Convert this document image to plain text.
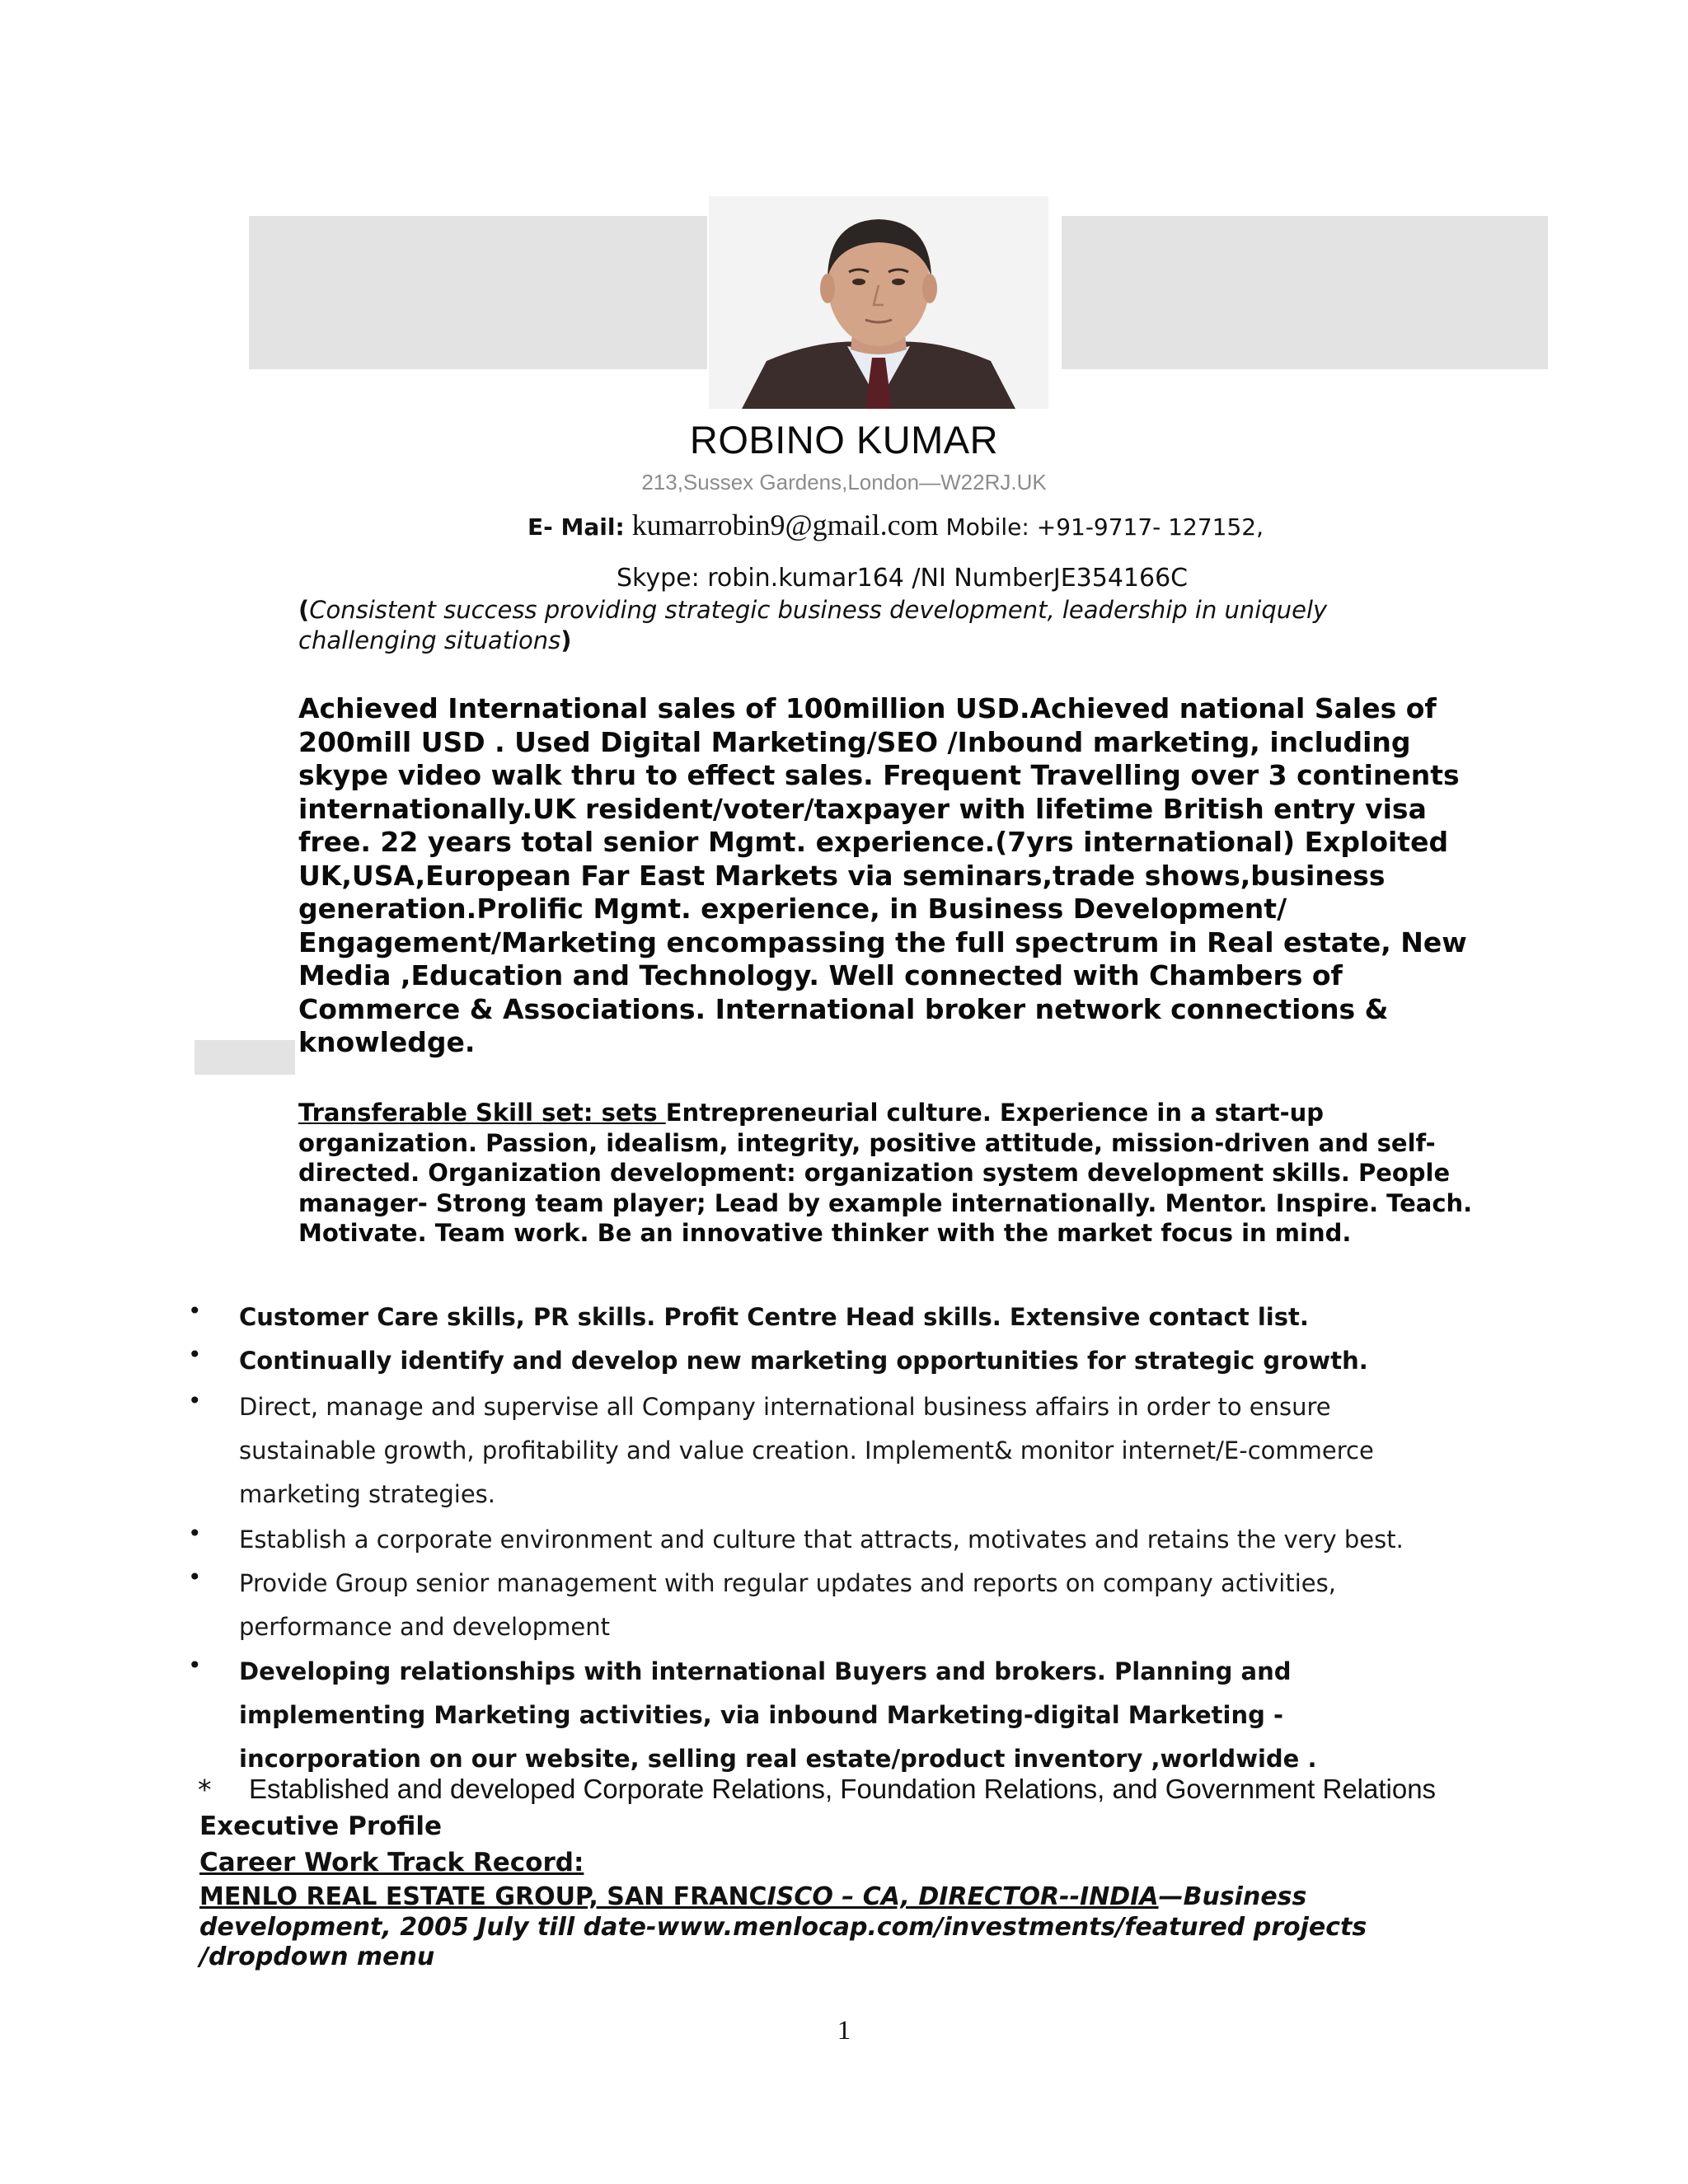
ROBINO KUMAR
213,Sussex Gardens,London—W22RJ.UK
E- Mail: kumarrobin9@gmail.com Mobile: +91-9717- 127152,
Skype: robin.kumar164 /NI NumberJE354166C
(Consistent success providing strategic business development, leadership in uniquely challenging situations)
Achieved International sales of 100million USD.Achieved national Sales of 200mill USD . Used Digital Marketing/SEO /Inbound marketing, including skype video walk thru to effect sales. Frequent Travelling over 3 continents internationally.UK resident/voter/taxpayer with lifetime British entry visa free. 22 years total senior Mgmt. experience.(7yrs international) Exploited UK,USA,European Far East Markets via seminars,trade shows,business generation.Prolific Mgmt. experience, in Business Development/ Engagement/Marketing encompassing the full spectrum in Real estate, New Media ,Education and Technology. Well connected with Chambers of Commerce & Associations. International broker network connections & knowledge.
Transferable Skill set: sets Entrepreneurial culture. Experience in a start-up organization. Passion, idealism, integrity, positive attitude, mission-driven and self-directed. Organization development: organization system development skills. People manager- Strong team player; Lead by example internationally. Mentor. Inspire. Teach. Motivate. Team work. Be an innovative thinker with the market focus in mind.
• Customer Care skills, PR skills. Profit Centre Head skills. Extensive contact list.
• Continually identify and develop new marketing opportunities for strategic growth.
• Direct, manage and supervise all Company international business affairs in order to ensure sustainable growth, profitability and value creation. Implement& monitor internet/E-commerce marketing strategies.
• Establish a corporate environment and culture that attracts, motivates and retains the very best.
• Provide Group senior management with regular updates and reports on company activities, performance and development
• Developing relationships with international Buyers and brokers. Planning and implementing Marketing activities, via inbound Marketing-digital Marketing - incorporation on our website, selling real estate/product inventory ,worldwide .
* Established and developed Corporate Relations, Foundation Relations, and Government Relations
Executive Profile
Career Work Track Record:
MENLO REAL ESTATE GROUP, SAN FRANCISCO – CA, DIRECTOR--INDIA—Business development, 2005 July till date-www.menlocap.com/investments/featured projects /dropdown menu
1
